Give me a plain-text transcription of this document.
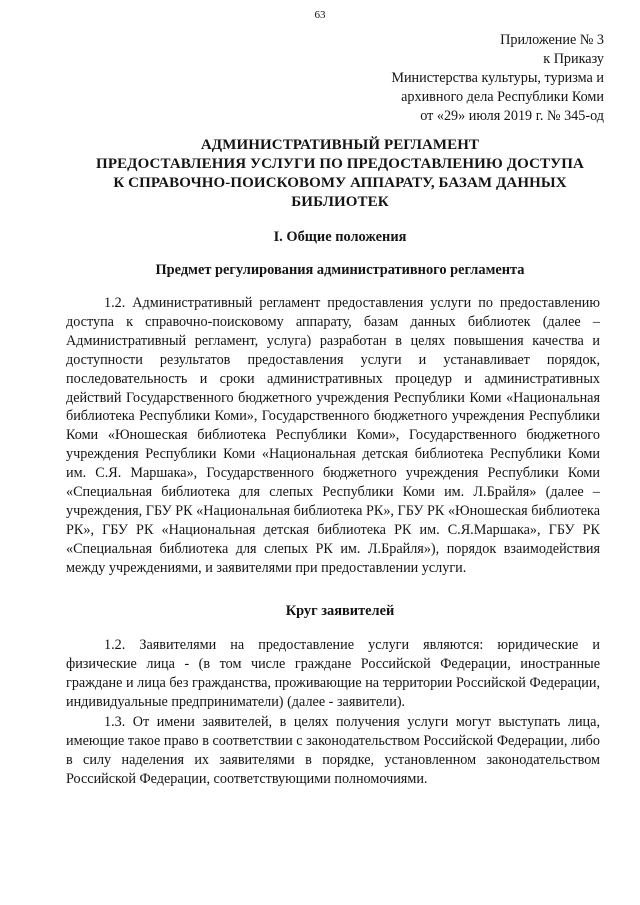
63
Приложение № 3
к Приказу
Министерства культуры, туризма и
архивного дела Республики Коми
от «29» июля 2019 г. № 345-од
АДМИНИСТРАТИВНЫЙ РЕГЛАМЕНТ
ПРЕДОСТАВЛЕНИЯ УСЛУГИ ПО ПРЕДОСТАВЛЕНИЮ ДОСТУПА
К СПРАВОЧНО-ПОИСКОВОМУ АППАРАТУ, БАЗАМ ДАННЫХ
БИБЛИОТЕК
I. Общие положения
Предмет регулирования административного регламента

1.2. Административный регламент предоставления услуги по предоставлению доступа к справочно-поисковому аппарату, базам данных библиотек (далее – Административный регламент, услуга) разработан в целях повышения качества и доступности результатов предоставления услуги и устанавливает порядок, последовательность и сроки административных процедур и административных действий Государственного бюджетного учреждения Республики Коми «Национальная библиотека Республики Коми», Государственного бюджетного учреждения Республики Коми «Юношеская библиотека Республики Коми», Государственного бюджетного учреждения Республики Коми «Национальная детская библиотека Республики Коми им. С.Я. Маршака», Государственного бюджетного учреждения Республики Коми «Специальная библиотека для слепых Республики Коми им. Л.Брайля» (далее – учреждения, ГБУ РК «Национальная библиотека РК», ГБУ РК «Юношеская библиотека РК», ГБУ РК «Национальная детская библиотека РК им. С.Я.Маршака», ГБУ РК «Специальная библиотека для слепых РК им. Л.Брайля»), порядок взаимодействия между учреждениями, и заявителями при предоставлении услуги.

Круг заявителей

1.2. Заявителями на предоставление услуги являются: юридические и физические лица - (в том числе граждане Российской Федерации, иностранные граждане и лица без гражданства, проживающие на территории Российской Федерации, индивидуальные предприниматели) (далее - заявители).

1.3. От имени заявителей, в целях получения услуги могут выступать лица, имеющие такое право в соответствии с законодательством Российской Федерации, либо в силу наделения их заявителями в порядке, установленном законодательством Российской Федерации, соответствующими полномочиями.
